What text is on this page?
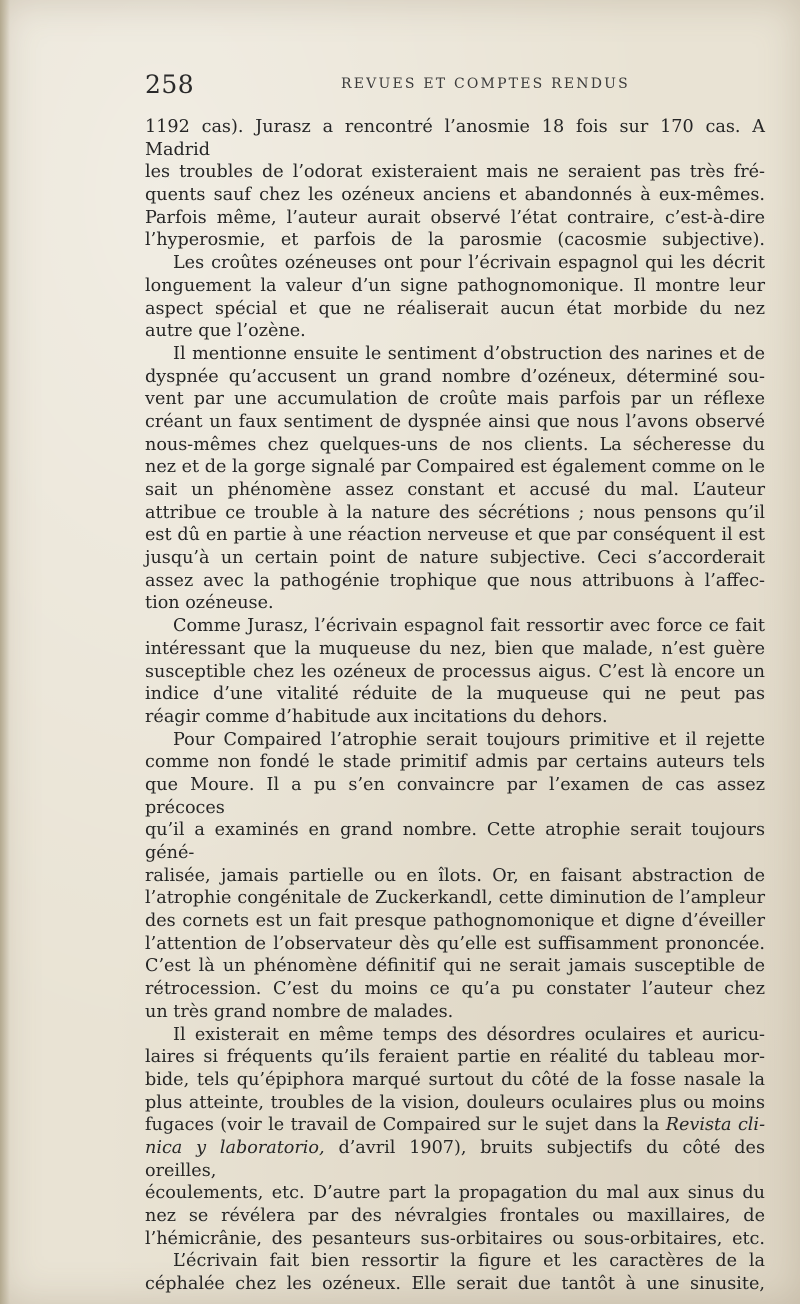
258	REVUES ET COMPTES RENDUS

1192 cas). Jurasz a rencontré l’anosmie 18 fois sur 170 cas. A Madrid

les troubles de l’odorat existeraient mais ne seraient pas très fré-

quents sauf chez les ozéneux anciens et abandonnés à eux-mêmes.

Parfois même, l’auteur aurait observé l’état contraire, c’est-à-dire

l’hyperosmie, et parfois de la parosmie (cacosmie subjective).

Les croûtes ozéneuses ont pour l’écrivain espagnol qui les décrit

longuement la valeur d’un signe pathognomonique. Il montre leur

aspect spécial et que ne réaliserait aucun état morbide du nez

autre que l’ozène.

Il mentionne ensuite le sentiment d’obstruction des narines et de

dyspnée qu’accusent un grand nombre d’ozéneux, déterminé sou-

vent par une accumulation de croûte mais parfois par un réflexe

créant un faux sentiment de dyspnée ainsi que nous l’avons observé

nous-mêmes chez quelques-uns de nos clients. La sécheresse du

nez et de la gorge signalé par Compaired est également comme on le

sait un phénomène assez constant et accusé du mal. L’auteur

attribue ce trouble à la nature des sécrétions ; nous pensons qu’il

est dû en partie à une réaction nerveuse et que par conséquent il est

jusqu’à un certain point de nature subjective. Ceci s’accorderait

assez avec la pathogénie trophique que nous attribuons à l’affec-

tion ozéneuse.

Comme Jurasz, l’écrivain espagnol fait ressortir avec force ce fait

intéressant que la muqueuse du nez, bien que malade, n’est guère

susceptible chez les ozéneux de processus aigus. C’est là encore un

indice d’une vitalité réduite de la muqueuse qui ne peut pas

réagir comme d’habitude aux incitations du dehors.

Pour Compaired l’atrophie serait toujours primitive et il rejette

comme non fondé le stade primitif admis par certains auteurs tels

que Moure. Il a pu s’en convaincre par l’examen de cas assez précoces

qu’il a examinés en grand nombre. Cette atrophie serait toujours géné-

ralisée, jamais partielle ou en îlots. Or, en faisant abstraction de

l’atrophie congénitale de Zuckerkandl, cette diminution de l’ampleur

des cornets est un fait presque pathognomonique et digne d’éveiller

l’attention de l’observateur dès qu’elle est suffisamment prononcée.

C’est là un phénomène définitif qui ne serait jamais susceptible de

rétrocession. C’est du moins ce qu’a pu constater l’auteur chez

un très grand nombre de malades.

Il existerait en même temps des désordres oculaires et auricu-

laires si fréquents qu’ils feraient partie en réalité du tableau mor-

bide, tels qu’épiphora marqué surtout du côté de la fosse nasale la

plus atteinte, troubles de la vision, douleurs oculaires plus ou moins

fugaces (voir le travail de Compaired sur le sujet dans la Revista cli-

nica y laboratorio, d’avril 1907), bruits subjectifs du côté des oreilles,

écoulements, etc. D’autre part la propagation du mal aux sinus du

nez se révélera par des névralgies frontales ou maxillaires, de

l’hémicrânie, des pesanteurs sus-orbitaires ou sous-orbitaires, etc.

L’écrivain fait bien ressortir la figure et les caractères de la

céphalée chez les ozéneux. Elle serait due tantôt à une sinusite,
